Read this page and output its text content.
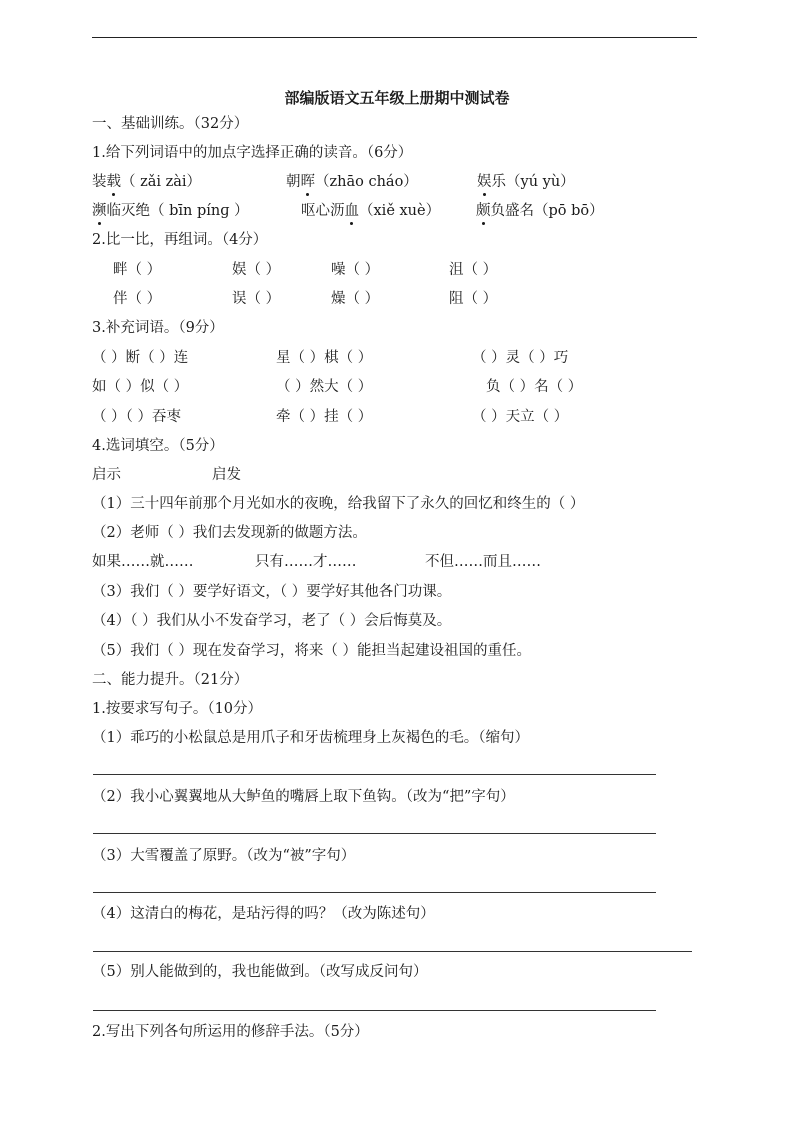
部编版语文五年级上册期中测试卷
一、基础训练。（32分）
1.给下列词语中的加点字选择正确的读音。（6分）
装载（ zǎi zài）	朝晖（zhāo cháo）	娱乐（yú yù）
濒临灭绝（ bīn pínɡ ）	呕心沥血（xiě xuè） 颇负盛名（pō bō）
2.比一比，再组词。（4分）
畔（ ）	娱（ ）	噪（ ）	沮（ ）
伴（ ）	误（ ）	燥（ ）	阻（ ）
3.补充词语。（9分）
（ ）断（ ）连	星（ ）棋（ ）	（ ）灵（ ）巧
如（ ）似（ ）	（ ）然大（ ）	负（ ）名（ ）
（ ）（ ）吞枣	牵（ ）挂（ ）	（ ）天立（ ）
4.选词填空。（5分）
启示	启发
（1）三十四年前那个月光如水的夜晚，给我留下了永久的回忆和终生的（ ）
（2）老师（ ）我们去发现新的做题方法。
如果……就……	只有……才……	不但……而且……
（3）我们（ ）要学好语文，（ ）要学好其他各门功课。
（4）（ ）我们从小不发奋学习，老了（ ）会后悔莫及。
（5）我们（ ）现在发奋学习，将来（ ）能担当起建设祖国的重任。
二、能力提升。（21分）
1.按要求写句子。（10分）
（1）乖巧的小松鼠总是用爪子和牙齿梳理身上灰褐色的毛。（缩句）
（2）我小心翼翼地从大鲈鱼的嘴唇上取下鱼钩。（改为“把”字句）
（3）大雪覆盖了原野。（改为“被”字句）
（4）这清白的梅花，是玷污得的吗？（改为陈述句）
（5）别人能做到的，我也能做到。（改写成反问句）
2.写出下列各句所运用的修辞手法。（5分）
